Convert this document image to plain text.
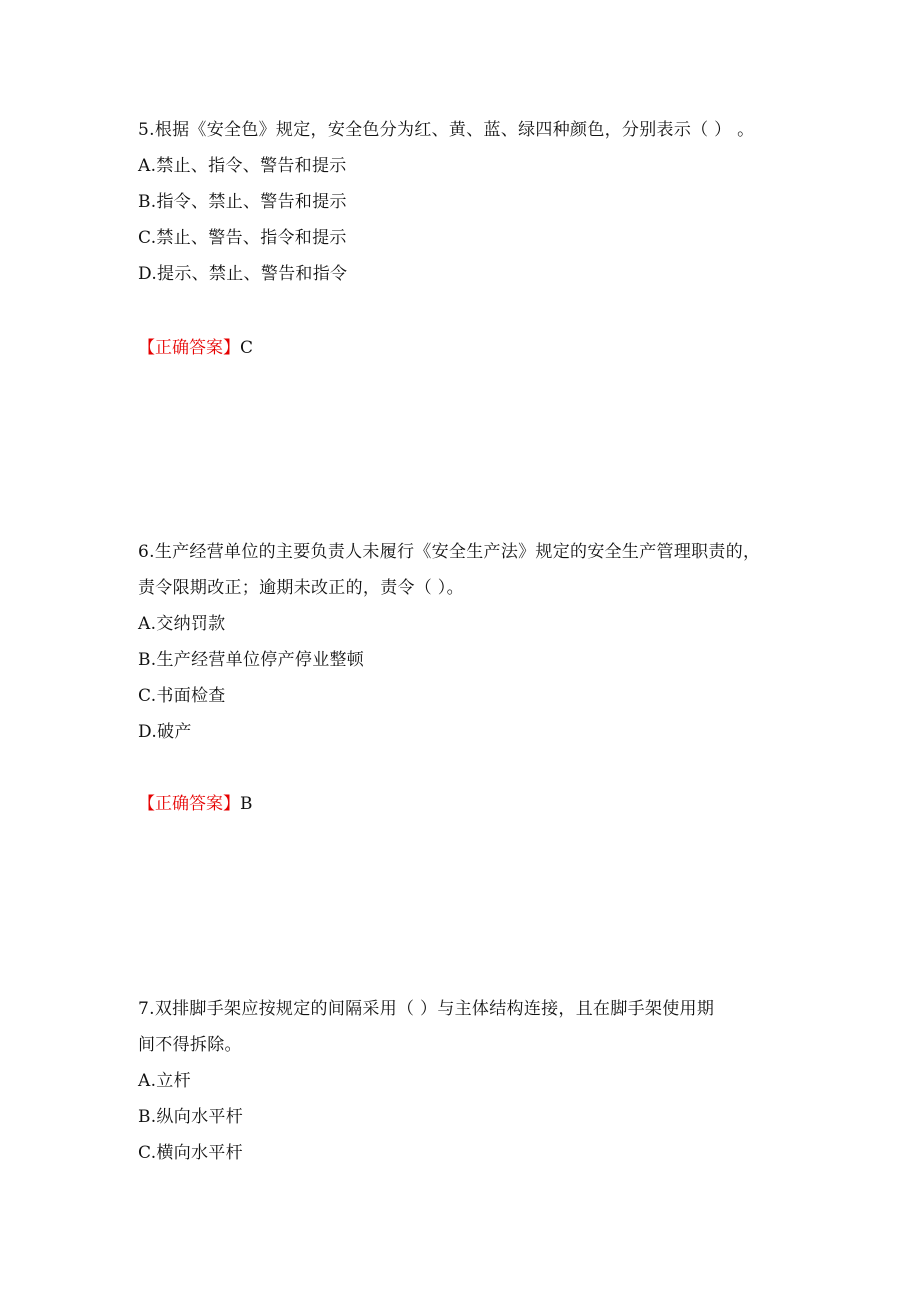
5.根据《安全色》规定，安全色分为红、黄、蓝、绿四种颜色，分别表示（ ） 。
A.禁止、指令、警告和提示
B.指令、禁止、警告和提示
C.禁止、警告、指令和提示
D.提示、禁止、警告和指令
【正确答案】C
6.生产经营单位的主要负责人未履行《安全生产法》规定的安全生产管理职责的，
责令限期改正；逾期未改正的，责令（ ）。
A.交纳罚款
B.生产经营单位停产停业整顿
C.书面检查
D.破产
【正确答案】B
7.双排脚手架应按规定的间隔采用（ ）与主体结构连接，且在脚手架使用期
间不得拆除。
A.立杆
B.纵向水平杆
C.横向水平杆
